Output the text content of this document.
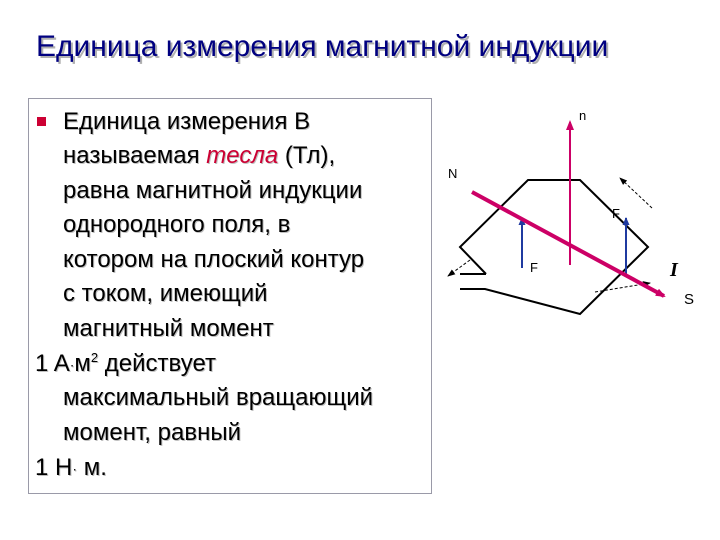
Единица измерения магнитной индукции
Единица измерения B
называемая тесла (Тл),
равна магнитной индукции
однородного поля, в
котором на плоский контур
с током, имеющий
магнитный момент
1 $A\cdot м^2$ действует
максимальный вращающий
момент, равный
1 H· м.
n
F
F
N
S
I
